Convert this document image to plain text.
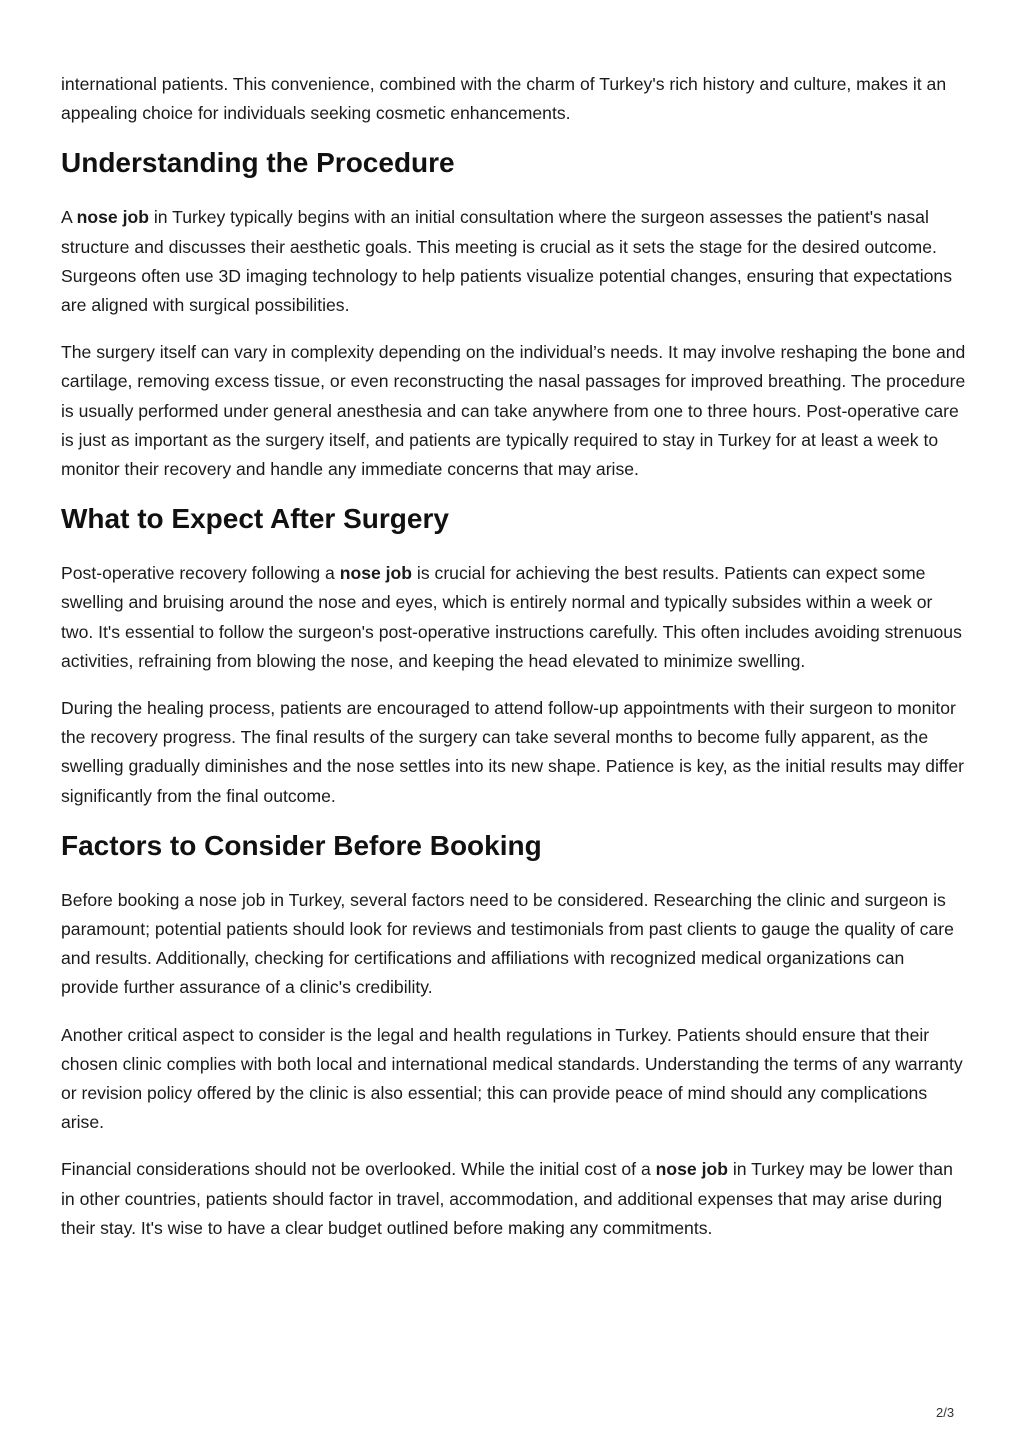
international patients. This convenience, combined with the charm of Turkey's rich history and culture, makes it an appealing choice for individuals seeking cosmetic enhancements.

Understanding the Procedure

A nose job in Turkey typically begins with an initial consultation where the surgeon assesses the patient's nasal structure and discusses their aesthetic goals. This meeting is crucial as it sets the stage for the desired outcome. Surgeons often use 3D imaging technology to help patients visualize potential changes, ensuring that expectations are aligned with surgical possibilities.

The surgery itself can vary in complexity depending on the individual’s needs. It may involve reshaping the bone and cartilage, removing excess tissue, or even reconstructing the nasal passages for improved breathing. The procedure is usually performed under general anesthesia and can take anywhere from one to three hours. Post-operative care is just as important as the surgery itself, and patients are typically required to stay in Turkey for at least a week to monitor their recovery and handle any immediate concerns that may arise.

What to Expect After Surgery

Post-operative recovery following a nose job is crucial for achieving the best results. Patients can expect some swelling and bruising around the nose and eyes, which is entirely normal and typically subsides within a week or two. It's essential to follow the surgeon's post-operative instructions carefully. This often includes avoiding strenuous activities, refraining from blowing the nose, and keeping the head elevated to minimize swelling.

During the healing process, patients are encouraged to attend follow-up appointments with their surgeon to monitor the recovery progress. The final results of the surgery can take several months to become fully apparent, as the swelling gradually diminishes and the nose settles into its new shape. Patience is key, as the initial results may differ significantly from the final outcome.

Factors to Consider Before Booking

Before booking a nose job in Turkey, several factors need to be considered. Researching the clinic and surgeon is paramount; potential patients should look for reviews and testimonials from past clients to gauge the quality of care and results. Additionally, checking for certifications and affiliations with recognized medical organizations can provide further assurance of a clinic's credibility.

Another critical aspect to consider is the legal and health regulations in Turkey. Patients should ensure that their chosen clinic complies with both local and international medical standards. Understanding the terms of any warranty or revision policy offered by the clinic is also essential; this can provide peace of mind should any complications arise.

Financial considerations should not be overlooked. While the initial cost of a nose job in Turkey may be lower than in other countries, patients should factor in travel, accommodation, and additional expenses that may arise during their stay. It's wise to have a clear budget outlined before making any commitments.

2/3
